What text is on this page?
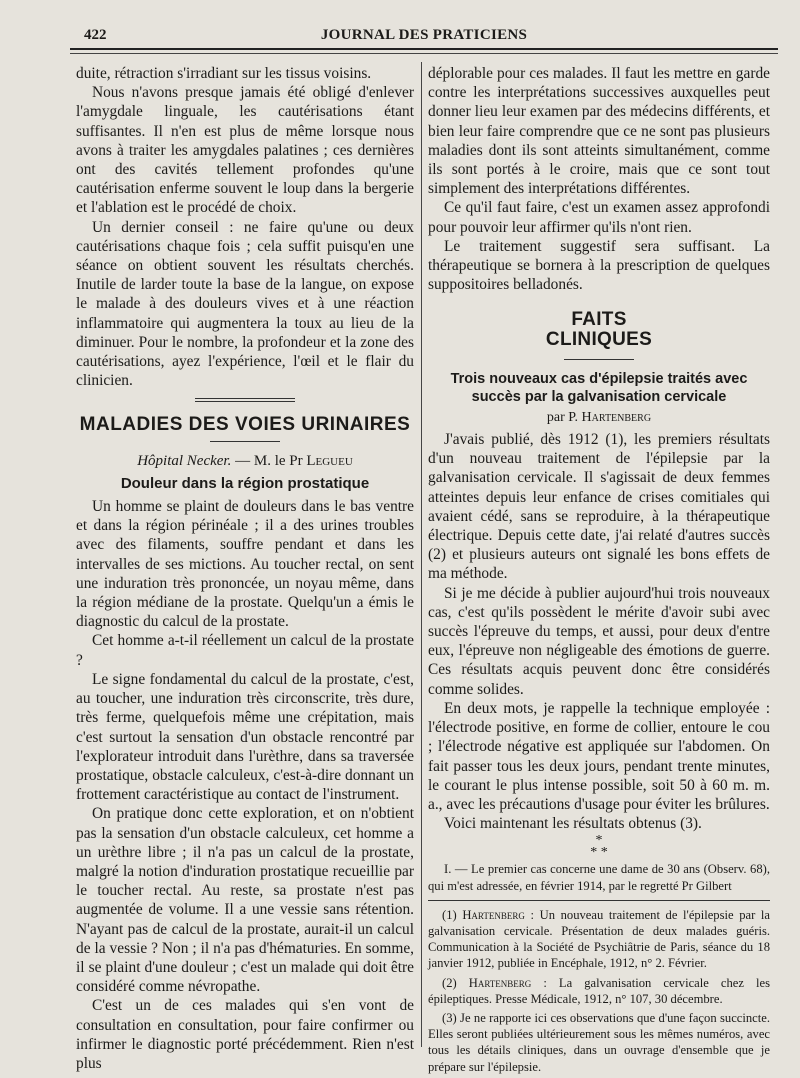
422	JOURNAL DES PRATICIENS

duite, rétraction s'irradiant sur les tissus voisins.

Nous n'avons presque jamais été obligé d'enlever l'amygdale linguale, les cautérisations étant suffisantes. Il n'en est plus de même lorsque nous avons à traiter les amygdales palatines ; ces dernières ont des cavités tellement profondes qu'une cautérisation enferme souvent le loup dans la bergerie et l'ablation est le procédé de choix.

Un dernier conseil : ne faire qu'une ou deux cautérisations chaque fois ; cela suffit puisqu'en une séance on obtient souvent les résultats cherchés. Inutile de larder toute la base de la langue, on expose le malade à des douleurs vives et à une réaction inflammatoire qui augmentera la toux au lieu de la diminuer. Pour le nombre, la profondeur et la zone des cautérisations, ayez l'expérience, l'œil et le flair du clinicien.

MALADIES DES VOIES URINAIRES
Hôpital Necker. — M. le Pr Legueu
Douleur dans la région prostatique

Un homme se plaint de douleurs dans le bas ventre et dans la région périnéale ; il a des urines troubles avec des filaments, souffre pendant et dans les intervalles de ses mictions. Au toucher rectal, on sent une induration très prononcée, un noyau même, dans la région médiane de la prostate. Quelqu'un a émis le diagnostic du calcul de la prostate.

Cet homme a-t-il réellement un calcul de la prostate ?

Le signe fondamental du calcul de la prostate, c'est, au toucher, une induration très circonscrite, très dure, très ferme, quelquefois même une crépitation, mais c'est surtout la sensation d'un obstacle rencontré par l'explorateur introduit dans l'urèthre, dans sa traversée prostatique, obstacle calculeux, c'est-à-dire donnant un frottement caractéristique au contact de l'instrument.

On pratique donc cette exploration, et on n'obtient pas la sensation d'un obstacle calculeux, cet homme a un urèthre libre ; il n'a pas un calcul de la prostate, malgré la notion d'induration prostatique recueillie par le toucher rectal. Au reste, sa prostate n'est pas augmentée de volume. Il a une vessie sans rétention. N'ayant pas de calcul de la prostate, aurait-il un calcul de la vessie ? Non ; il n'a pas d'hématuries. En somme, il se plaint d'une douleur ; c'est un malade qui doit être considéré comme névropathe.

C'est un de ces malades qui s'en vont de consultation en consultation, pour faire confirmer ou infirmer le diagnostic porté précédemment. Rien n'est plus

déplorable pour ces malades. Il faut les mettre en garde contre les interprétations successives auxquelles peut donner lieu leur examen par des médecins différents, et bien leur faire comprendre que ce ne sont pas plusieurs maladies dont ils sont atteints simultanément, comme ils sont portés à le croire, mais que ce sont tout simplement des interprétations différentes.

Ce qu'il faut faire, c'est un examen assez approfondi pour pouvoir leur affirmer qu'ils n'ont rien.

Le traitement suggestif sera suffisant. La thérapeutique se bornera à la prescription de quelques suppositoires belladonés.

FAITS CLINIQUES
Trois nouveaux cas d'épilepsie traités avec succès par la galvanisation cervicale
par P. Hartenberg

J'avais publié, dès 1912 (1), les premiers résultats d'un nouveau traitement de l'épilepsie par la galvanisation cervicale. Il s'agissait de deux femmes atteintes depuis leur enfance de crises comitiales qui avaient cédé, sans se reproduire, à la thérapeutique électrique. Depuis cette date, j'ai relaté d'autres succès (2) et plusieurs auteurs ont signalé les bons effets de ma méthode.

Si je me décide à publier aujourd'hui trois nouveaux cas, c'est qu'ils possèdent le mérite d'avoir subi avec succès l'épreuve du temps, et aussi, pour deux d'entre eux, l'épreuve non négligeable des émotions de guerre. Ces résultats acquis peuvent donc être considérés comme solides.

En deux mots, je rappelle la technique employée : l'électrode positive, en forme de collier, entoure le cou ; l'électrode négative est appliquée sur l'abdomen. On fait passer tous les deux jours, pendant trente minutes, le courant le plus intense possible, soit 50 à 60 m. m. a., avec les précautions d'usage pour éviter les brûlures.

Voici maintenant les résultats obtenus (3).

*
* *

I. — Le premier cas concerne une dame de 30 ans (Observ. 68), qui m'est adressée, en février 1914, par le regretté Pr Gilbert

(1) Hartenberg : Un nouveau traitement de l'épilepsie par la galvanisation cervicale. Présentation de deux malades guéris. Communication à la Société de Psychiâtrie de Paris, séance du 18 janvier 1912, publiée in Encéphale, 1912, n° 2. Février.

(2) Hartenberg : La galvanisation cervicale chez les épileptiques. Presse Médicale, 1912, n° 107, 30 décembre.

(3) Je ne rapporte ici ces observations que d'une façon succincte. Elles seront publiées ultérieurement sous les mêmes numéros, avec tous les détails cliniques, dans un ouvrage d'ensemble que je prépare sur l'épilepsie.
